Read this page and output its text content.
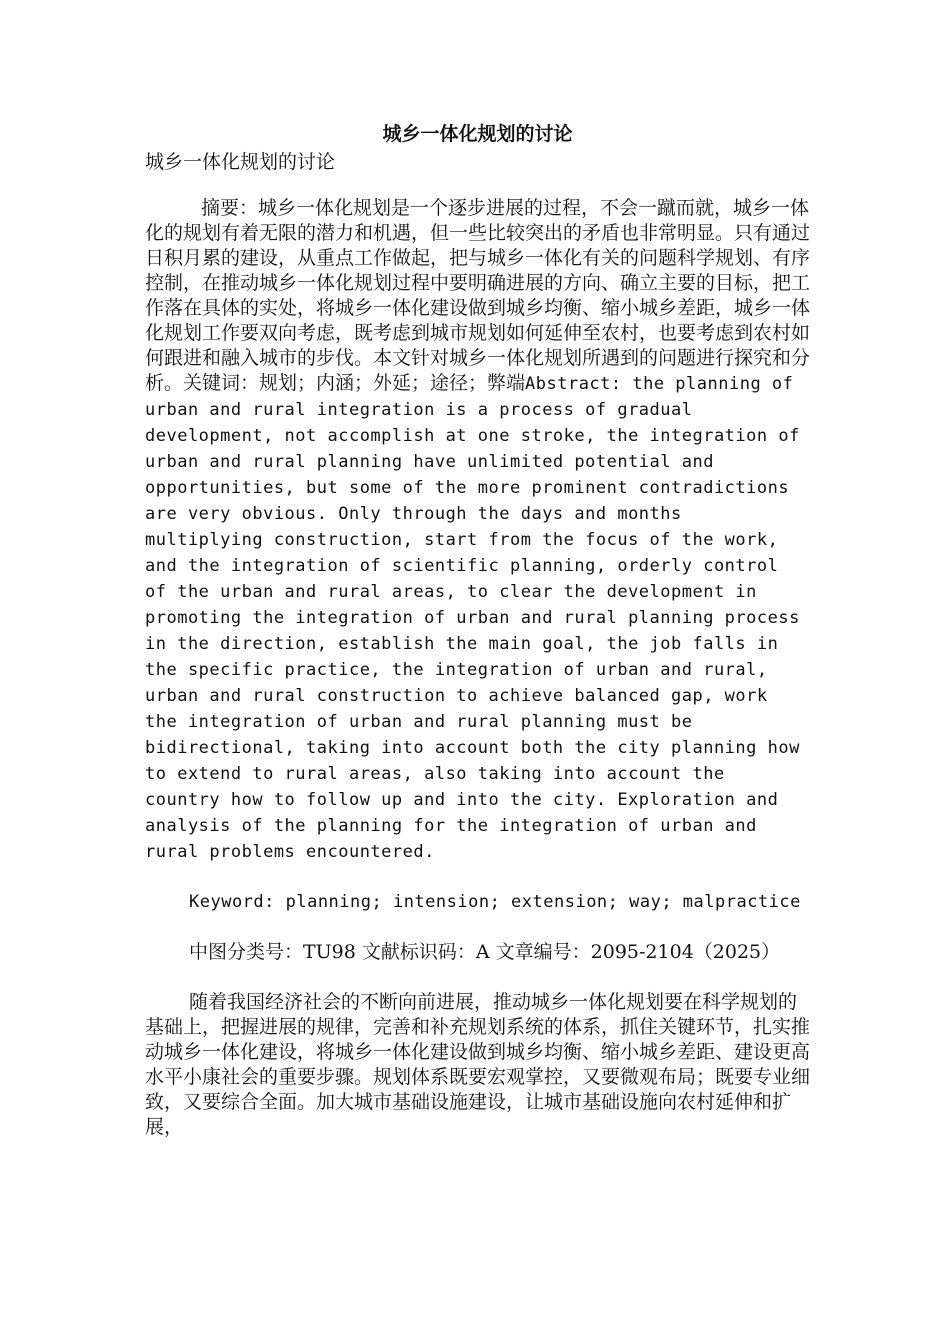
城乡一体化规划的讨论

城乡一体化规划的讨论

摘要：城乡一体化规划是一个逐步进展的过程，不会一蹴而就，城乡一体化的规划有着无限的潜力和机遇，但一些比较突出的矛盾也非常明显。只有通过日积月累的建设，从重点工作做起，把与城乡一体化有关的问题科学规划、有序控制，在推动城乡一体化规划过程中要明确进展的方向、确立主要的目标，把工作落在具体的实处，将城乡一体化建设做到城乡均衡、缩小城乡差距，城乡一体化规划工作要双向考虑，既考虑到城市规划如何延伸至农村，也要考虑到农村如何跟进和融入城市的步伐。本文针对城乡一体化规划所遇到的问题进行探究和分析。关键词：规划；内涵；外延；途径；弊端Abstract: the planning of urban and rural integration is a process of gradual development, not accomplish at one stroke, the integration of urban and rural planning have unlimited potential and opportunities, but some of the more prominent contradictions are very obvious. Only through the days and months multiplying construction, start from the focus of the work, and the integration of scientific planning, orderly control of the urban and rural areas, to clear the development in promoting the integration of urban and rural planning process in the direction, establish the main goal, the job falls in the specific practice, the integration of urban and rural, urban and rural construction to achieve balanced gap, work the integration of urban and rural planning must be bidirectional, taking into account both the city planning how to extend to rural areas, also taking into account the country how to follow up and into the city. Exploration and analysis of the planning for the integration of urban and rural problems encountered.

Keyword: planning; intension; extension; way; malpractice

中图分类号：TU98 文献标识码：A 文章编号：2095-2104（2025）

随着我国经济社会的不断向前进展，推动城乡一体化规划要在科学规划的基础上，把握进展的规律，完善和补充规划系统的体系，抓住关键环节，扎实推动城乡一体化建设，将城乡一体化建设做到城乡均衡、缩小城乡差距、建设更高水平小康社会的重要步骤。规划体系既要宏观掌控，又要微观布局；既要专业细致，又要综合全面。加大城市基础设施建设，让城市基础设施向农村延伸和扩展，
